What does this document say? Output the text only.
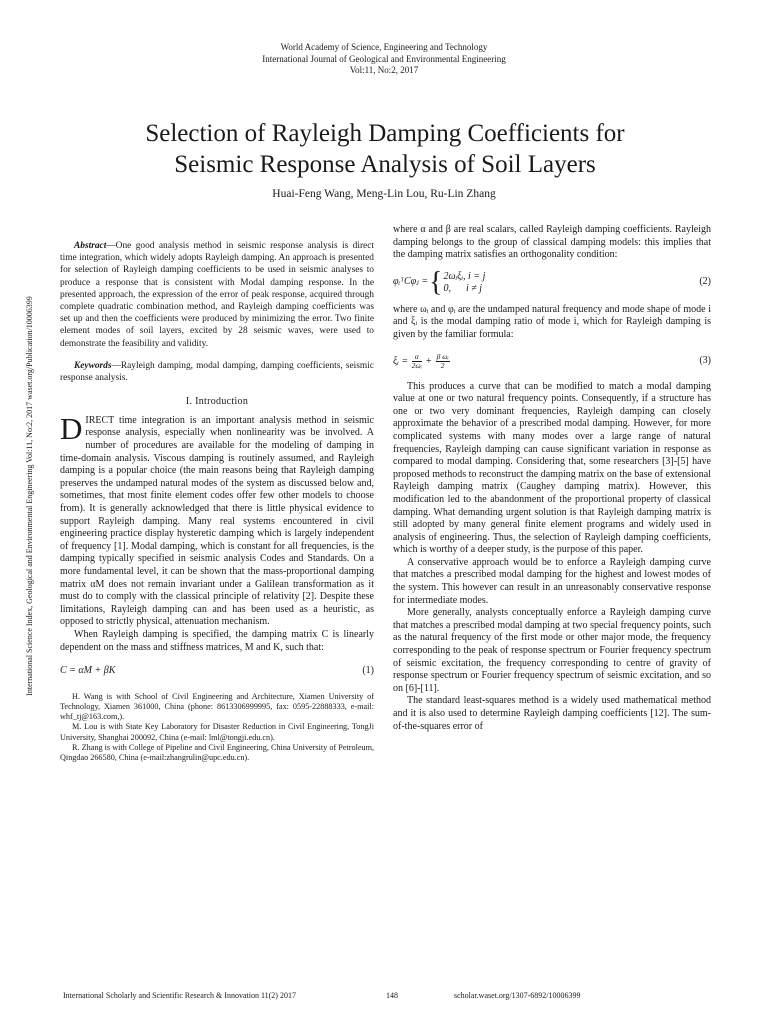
World Academy of Science, Engineering and Technology
International Journal of Geological and Environmental Engineering
Vol:11, No:2, 2017
Selection of Rayleigh Damping Coefficients for
Seismic Response Analysis of Soil Layers
Huai-Feng Wang, Meng-Lin Lou, Ru-Lin Zhang
International Science Index, Geological and Environmental Engineering Vol:11, No:2, 2017 waset.org/Publication/10006399

Abstract—One good analysis method in seismic response analysis is direct time integration, which widely adopts Rayleigh damping. An approach is presented for selection of Rayleigh damping coefficients to be used in seismic analyses to produce a response that is consistent with Modal damping response. In the presented approach, the expression of the error of peak response, acquired through complete quadratic combination method, and Rayleigh damping coefficients was set up and then the coefficients were produced by minimizing the error. Two finite element modes of soil layers, excited by 28 seismic waves, were used to demonstrate the feasibility and validity.

Keywords—Rayleigh damping, modal damping, damping coefficients, seismic response analysis.

I. Introduction

DIRECT time integration is an important analysis method in seismic response analysis, especially when nonlinearity was be involved. A number of procedures are available for the modeling of damping in time-domain analysis. Viscous damping is routinely assumed, and Rayleigh damping is a popular choice (the main reasons being that Rayleigh damping preserves the undamped natural modes of the system as discussed below and, sometimes, that most finite element codes offer few other models to choose from). It is generally acknowledged that there is little physical evidence to support Rayleigh damping. Many real systems encountered in civil engineering practice display hysteretic damping which is largely independent of frequency [1]. Modal damping, which is constant for all frequencies, is the damping typically specified in seismic analysis Codes and Standards. On a more fundamental level, it can be shown that the mass-proportional damping matrix αM does not remain invariant under a Galilean transformation as it must do to comply with the classical principle of relativity [2]. Despite these limitations, Rayleigh damping can and has been used as a heuristic, as opposed to strictly physical, attenuation mechanism.

When Rayleigh damping is specified, the damping matrix C is linearly dependent on the mass and stiffness matrices, M and K, such that:

C = αM + βK	(1)

H. Wang is with School of Civil Engineering and Architecture, Xiamen University of Technology, Xiamen 361000, China (phone: 8613306999995, fax: 0595-22888333, e-mail: whf_tj@163.com,).

M. Lou is with State Key Laboratory for Disaster Reduction in Civil Engineering, TongJi University, Shanghai 200092, China (e-mail: lml@tongji.edu.cn).

R. Zhang is with College of Pipeline and Civil Engineering, China University of Petroleum, Qingdao 266580, China (e-mail:zhangrulin@upc.edu.cn).

where α and β are real scalars, called Rayleigh damping coefficients. Rayleigh damping belongs to the group of classical damping models: this implies that the damping matrix satisfies an orthogonality condition:

φᵢᵀCφⱼ = { 2ωᵢξᵢ, i = j
0,      i ≠ j
(2)

where ωᵢ and φᵢ are the undamped natural frequency and mode shape of mode i and ξᵢ is the modal damping ratio of mode i, which for Rayleigh damping is given by the familiar formula:

ξᵢ = $\frac{\alpha}{\text{2ωᵢ}} + \frac{\text{β ωᵢ}}{2}$	(3)

This produces a curve that can be modified to match a modal damping value at one or two natural frequency points. Consequently, if a structure has one or two very dominant frequencies, Rayleigh damping can closely approximate the behavior of a prescribed modal damping. However, for more complicated systems with many modes over a large range of natural frequencies, Rayleigh damping can cause significant variation in response as compared to modal damping. Considering that, some researchers [3]-[5] have proposed methods to reconstruct the damping matrix on the base of extensional Rayleigh damping matrix (Caughey damping matrix). However, this modification led to the abandonment of the proportional property of classical damping. What demanding urgent solution is that Rayleigh damping matrix is still adopted by many general finite element programs and widely used in analysis of engineering. Thus, the selection of Rayleigh damping coefficients, which is worthy of a deeper study, is the purpose of this paper.

A conservative approach would be to enforce a Rayleigh damping curve that matches a prescribed modal damping for the highest and lowest modes of the system. This however can result in an unreasonably conservative response for intermediate modes.

More generally, analysts conceptually enforce a Rayleigh damping curve that matches a prescribed modal damping at two special frequency points, such as the natural frequency of the first mode or other major mode, the frequency corresponding to the peak of response spectrum or Fourier frequency spectrum of seismic excitation, the frequency corresponding to centre of gravity of response spectrum or Fourier frequency spectrum of seismic excitation, and so on [6]-[11].

The standard least-squares method is a widely used mathematical method and it is also used to determine Rayleigh damping coefficients [12]. The sum-of-the-squares error of

International Scholarly and Scientific Research & Innovation 11(2) 2017	148	scholar.waset.org/1307-6892/10006399
